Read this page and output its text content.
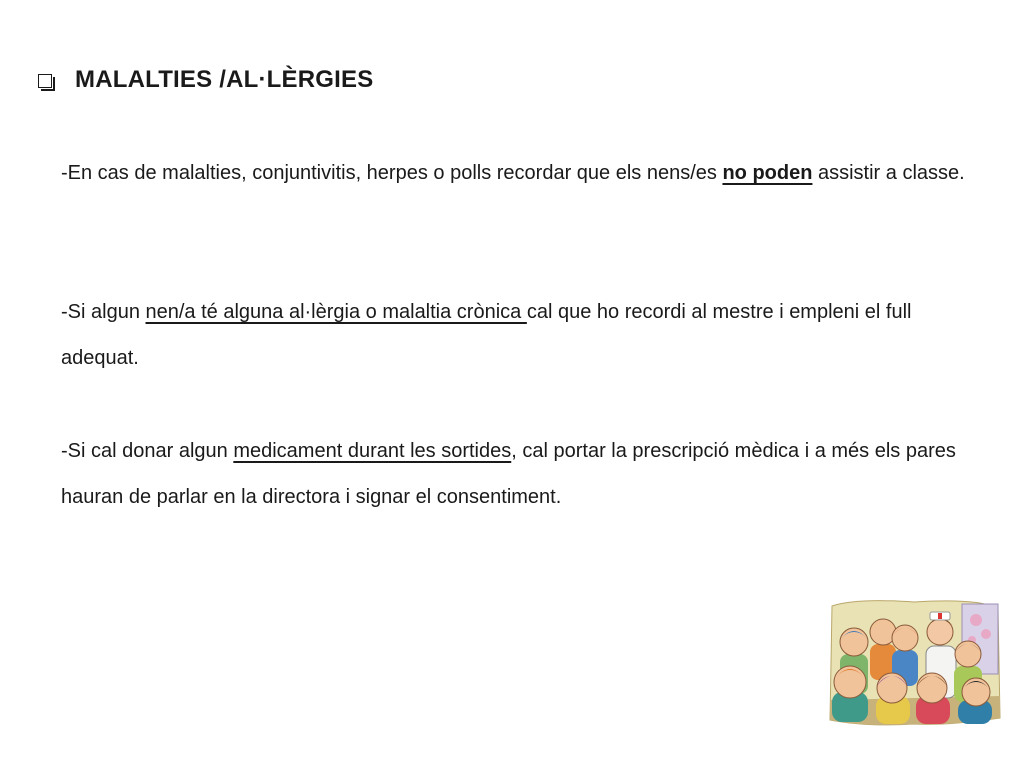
MALALTIES /AL·LÈRGIES
-En cas de malalties, conjuntivitis, herpes o polls recordar que els nens/es no poden assistir a classe.
-Si algun nen/a té alguna al·lèrgia o malaltia crònica cal que ho recordi al mestre i empleni el full adequat.
-Si cal donar algun medicament durant les sortides, cal portar la prescripció mèdica i a més els pares hauran de parlar en la directora i signar el consentiment.
